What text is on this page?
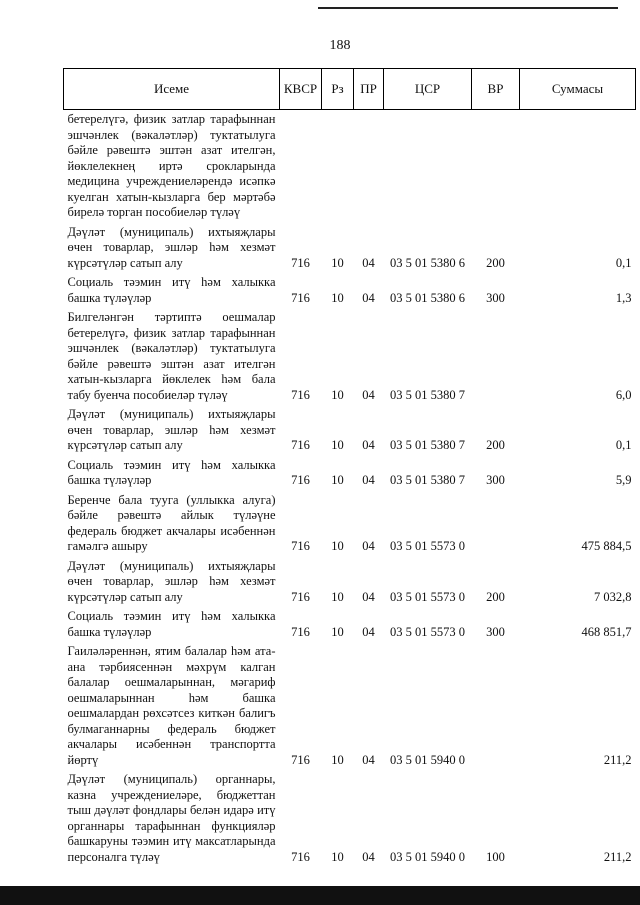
188
Исеме	КВСР	Рз	ПР	ЦСР	ВР	Суммасы
бетерелүгә, физик затлар тарафыннан эшчәнлек (вәкаләтләр) туктатылуга бәйле рәвештә эштән азат ителгән, йөклелекнең иртә срокларында медицина учреждениеләрендә исәпкә куелган хатын-кызларга бер мәртәбә бирелә торган пособиеләр түләү						
Дәүләт (муниципаль) ихтыяҗлары өчен товарлар, эшләр һәм хезмәт күрсәтүләр сатып алу	716	10	04	03 5 01 5380 6	200	0,1
Социаль тәэмин итү һәм халыкка башка түләүләр	716	10	04	03 5 01 5380 6	300	1,3
Билгеләнгән тәртиптә оешмалар бетерелүгә, физик затлар тарафыннан эшчәнлек (вәкаләтләр) туктатылуга бәйле рәвештә эштән азат ителгән хатын-кызларга йөклелек һәм бала табу буенча пособиеләр түләү	716	10	04	03 5 01 5380 7		6,0
Дәүләт (муниципаль) ихтыяҗлары өчен товарлар, эшләр һәм хезмәт күрсәтүләр сатып алу	716	10	04	03 5 01 5380 7	200	0,1
Социаль тәэмин итү һәм халыкка башка түләүләр	716	10	04	03 5 01 5380 7	300	5,9
Беренче бала туугa (уллыкка алуга) бәйле рәвештә айлык түләүне федераль бюджет акчалары исәбеннән гамәлгә ашыру	716	10	04	03 5 01 5573 0		475 884,5
Дәүләт (муниципаль) ихтыяҗлары өчен товарлар, эшләр һәм хезмәт күрсәтүләр сатып алу	716	10	04	03 5 01 5573 0	200	7 032,8
Социаль тәэмин итү һәм халыкка башка түләүләр	716	10	04	03 5 01 5573 0	300	468 851,7
Гаиләләреннән, ятим балалар һәм ата-ана тәрбиясеннән мәхрүм калган балалар оешмаларыннан, мәгариф оешмаларыннан һәм башка оешмалардан рөхсәтсез киткән балигъ булмаганнарны федераль бюджет акчалары исәбеннән транспортта йөртү	716	10	04	03 5 01 5940 0		211,2
Дәүләт (муниципаль) органнары, казна учреждениеләре, бюджеттан тыш дәүләт фондлары белән идарә итү органнары тарафыннан функцияләр башкаруны тәэмин итү максатларында персоналга түләү	716	10	04	03 5 01 5940 0	100	211,2
